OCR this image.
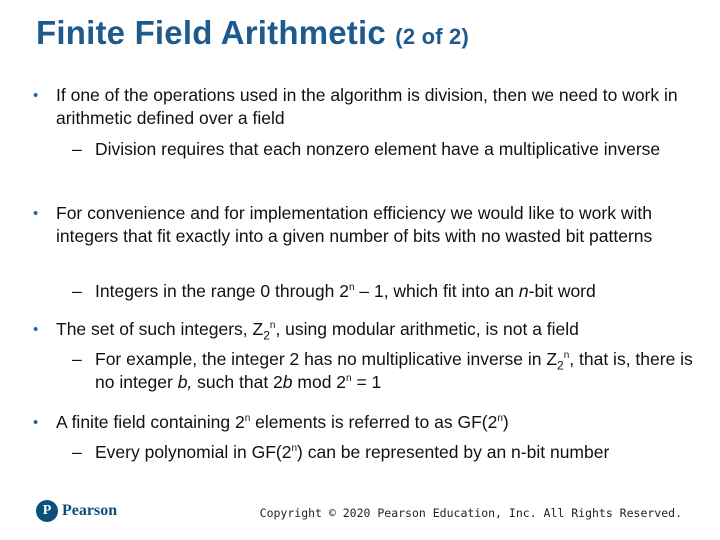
Finite Field Arithmetic (2 of 2)
• If one of the operations used in the algorithm is division, then we need to work in arithmetic defined over a field
– Division requires that each nonzero element have a multiplicative inverse
• For convenience and for implementation efficiency we would like to work with integers that fit exactly into a given number of bits with no wasted bit patterns
– Integers in the range 0 through 2$^n$ – 1, which fit into an n-bit word
• The set of such integers, $Z_2^n$, using modular arithmetic, is not a field
– For example, the integer 2 has no multiplicative inverse in $Z_2^n$, that is, there is no integer b, such that 2b mod $2^n = 1$
• A finite field containing 2$^n$ elements is referred to as GF(2$^n$)
– Every polynomial in GF(2$^n$) can be represented by an n-bit number
P Pearson	Copyright © 2020 Pearson Education, Inc. All Rights Reserved.
